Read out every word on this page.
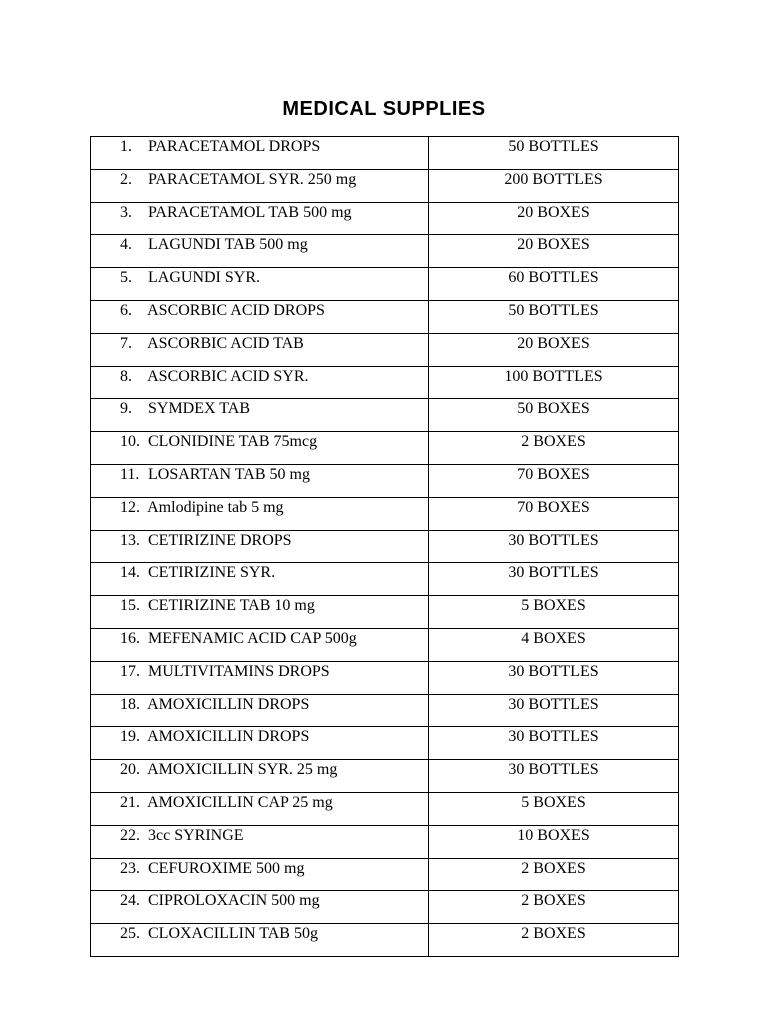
MEDICAL SUPPLIES
1. PARACETAMOL DROPS	50 BOTTLES
2. PARACETAMOL SYR. 250 mg	200 BOTTLES
3. PARACETAMOL TAB 500 mg	20 BOXES
4. LAGUNDI TAB 500 mg	20 BOXES
5. LAGUNDI SYR.	60 BOTTLES
6. ASCORBIC ACID DROPS	50 BOTTLES
7. ASCORBIC ACID TAB	20 BOXES
8. ASCORBIC ACID SYR.	100 BOTTLES
9. SYMDEX TAB	50 BOXES
10. CLONIDINE TAB 75mcg	2 BOXES
11. LOSARTAN TAB 50 mg	70 BOXES
12. Amlodipine tab 5 mg	70 BOXES
13. CETIRIZINE DROPS	30 BOTTLES
14. CETIRIZINE SYR.	30 BOTTLES
15. CETIRIZINE TAB 10 mg	5 BOXES
16. MEFENAMIC ACID CAP 500g	4 BOXES
17. MULTIVITAMINS DROPS	30 BOTTLES
18. AMOXICILLIN DROPS	30 BOTTLES
19. AMOXICILLIN DROPS	30 BOTTLES
20. AMOXICILLIN SYR. 25 mg	30 BOTTLES
21. AMOXICILLIN CAP 25 mg	5 BOXES
22. 3cc SYRINGE	10 BOXES
23. CEFUROXIME 500 mg	2 BOXES
24. CIPROLOXACIN 500 mg	2 BOXES
25. CLOXACILLIN TAB 50g	2 BOXES
